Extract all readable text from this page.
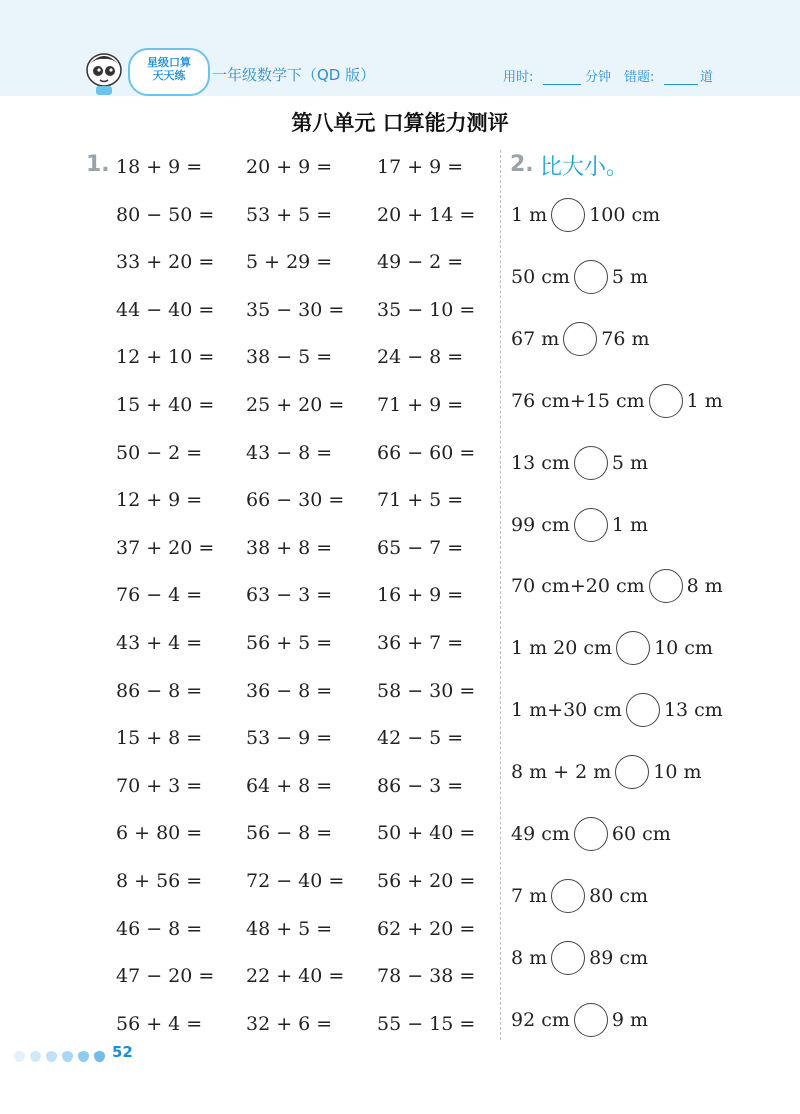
星级口算
天天练	一年级数学下（QD 版）	用时:	分钟 错题:	道
第八单元 口算能力测评
1.	2. 比大小。
18 + 9 = 20 + 9 = 17 + 9 =
80 − 50 = 53 + 5 = 20 + 14 =
33 + 20 = 5 + 29 = 49 − 2 =
44 − 40 = 35 − 30 = 35 − 10 =
12 + 10 = 38 − 5 = 24 − 8 =
15 + 40 = 25 + 20 = 71 + 9 =
50 − 2 = 43 − 8 = 66 − 60 =
12 + 9 = 66 − 30 = 71 + 5 =
37 + 20 = 38 + 8 = 65 − 7 =
76 − 4 = 63 − 3 = 16 + 9 =
43 + 4 = 56 + 5 = 36 + 7 =
86 − 8 = 36 − 8 = 58 − 30 =
15 + 8 = 53 − 9 = 42 − 5 =
70 + 3 = 64 + 8 = 86 − 3 =
6 + 80 = 56 − 8 = 50 + 40 =
8 + 56 = 72 − 40 = 56 + 20 =
46 − 8 = 48 + 5 = 62 + 20 =
47 − 20 = 22 + 40 = 78 − 38 =
56 + 4 = 32 + 6 = 55 − 15 =
1 m 100 cm
50 cm 5 m
67 m 76 m
76 cm+15 cm 1 m
13 cm 5 m
99 cm 1 m
70 cm+20 cm 8 m
1 m 20 cm 10 cm
1 m+30 cm 13 cm
8 m + 2 m 10 m
49 cm 60 cm
7 m 80 cm
8 m 89 cm
92 cm 9 m
52
